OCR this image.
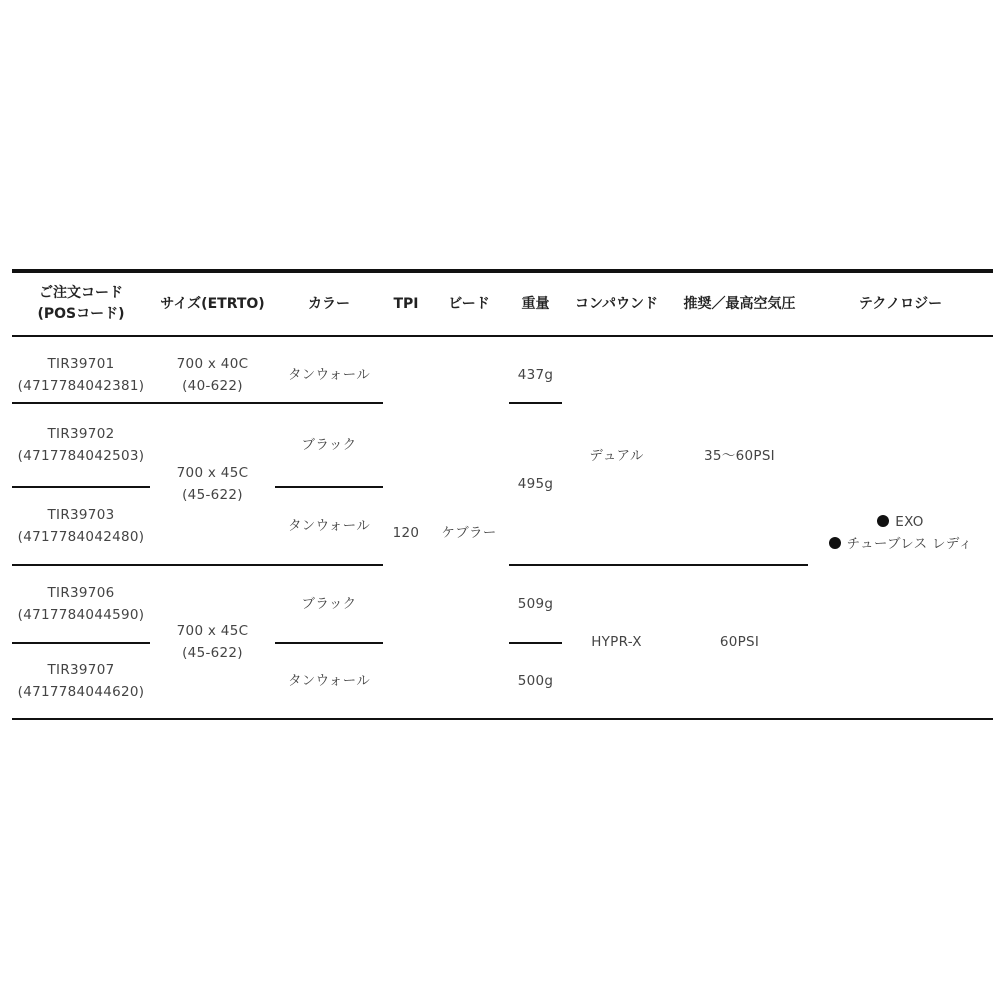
ご注文コード
(POSコード)	サイズ(ETRTO)	カラー	TPI	ビード	重量	コンパウンド	推奨／最高空気圧	テクノロジー
TIR39701
(4717784042381)	700 x 40C
(40-622)	タンウォール	120	ケブラー	437g	デュアル	35～60PSI	EXO
チューブレス レディ

TIR39702
(4717784042503)	700 x 45C
(45-622)	ブラック			495g			
TIR39703
(4717784042480)		タンウォール						
TIR39706
(4717784044590)	700 x 45C
(45-622)	ブラック			509g	HYPR-X	60PSI	
TIR39707
(4717784044620)		タンウォール			500g			
